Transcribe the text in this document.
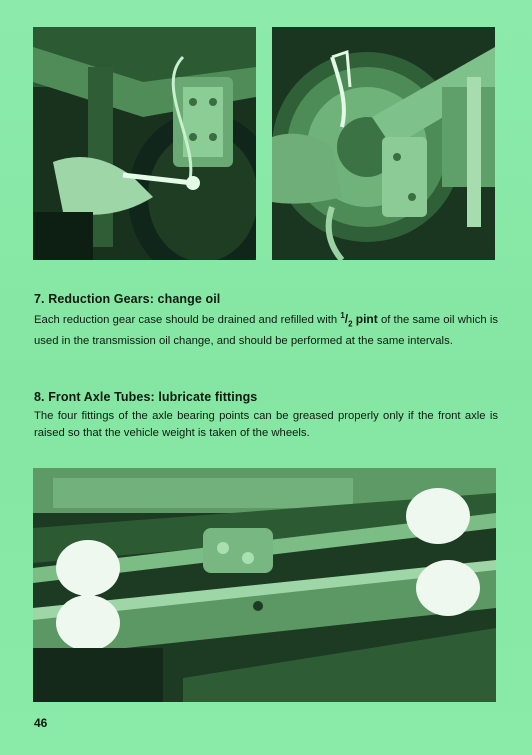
7. Reduction Gears: change oil

Each reduction gear case should be drained and refilled with $^1/_2$ pint of the same oil which is used in the transmission oil change, and should be performed at the same intervals.

8. Front Axle Tubes: lubricate fittings

The four fittings of the axle bearing points can be greased properly only if the front axle is raised so that the vehicle weight is taken of the wheels.

46
